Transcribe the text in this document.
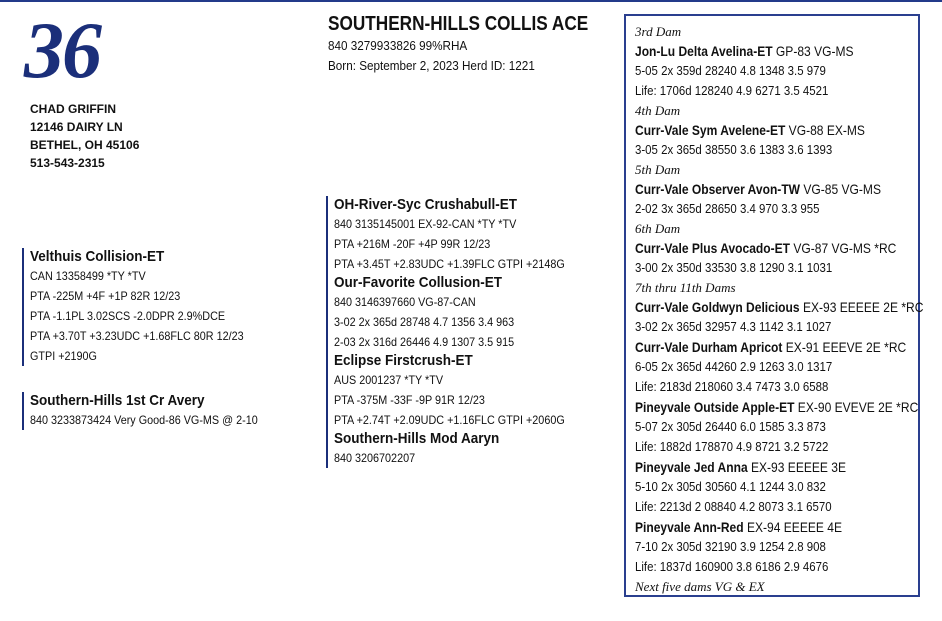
36
CHAD GRIFFIN
12146 DAIRY LN
BETHEL, OH 45106
513-543-2315
SOUTHERN-HILLS COLLIS ACE
840 3279933826 99%RHA
Born: September 2, 2023 Herd ID: 1221
Velthuis Collision-ET
CAN 13358499 *TY *TV
PTA -225M +4F +1P 82R 12/23
PTA -1.1PL 3.02SCS -2.0DPR 2.9%DCE
PTA +3.70T +3.23UDC +1.68FLC 80R 12/23
GTPI +2190G
Southern-Hills 1st Cr Avery
840 3233873424 Very Good-86 VG-MS @ 2-10
OH-River-Syc Crushabull-ET
840 3135145001 EX-92-CAN *TY *TV
PTA +216M -20F +4P 99R 12/23
PTA +3.45T +2.83UDC +1.39FLC GTPI +2148G
Our-Favorite Collusion-ET
840 3146397660 VG-87-CAN
3-02 2x 365d 28748 4.7 1356 3.4 963
2-03 2x 316d 26446 4.9 1307 3.5 915
Eclipse Firstcrush-ET
AUS 2001237 *TY *TV
PTA -375M -33F -9P 91R 12/23
PTA +2.74T +2.09UDC +1.16FLC GTPI +2060G
Southern-Hills Mod Aaryn
840 3206702207
3rd Dam
Jon-Lu Delta Avelina-ET GP-83 VG-MS
5-05 2x 359d 28240 4.8 1348 3.5 979
Life: 1706d 128240 4.9 6271 3.5 4521
4th Dam
Curr-Vale Sym Avelene-ET VG-88 EX-MS
3-05 2x 365d 38550 3.6 1383 3.6 1393
5th Dam
Curr-Vale Observer Avon-TW VG-85 VG-MS
2-02 3x 365d 28650 3.4 970 3.3 955
6th Dam
Curr-Vale Plus Avocado-ET VG-87 VG-MS *RC
3-00 2x 350d 33530 3.8 1290 3.1 1031
7th thru 11th Dams
Curr-Vale Goldwyn Delicious EX-93 EEEEE 2E *RC
3-02 2x 365d 32957 4.3 1142 3.1 1027
Curr-Vale Durham Apricot EX-91 EEEVE 2E *RC
6-05 2x 365d 44260 2.9 1263 3.0 1317
Life: 2183d 218060 3.4 7473 3.0 6588
Pineyvale Outside Apple-ET EX-90 EVEVE 2E *RC
5-07 2x 305d 26440 6.0 1585 3.3 873
Life: 1882d 178870 4.9 8721 3.2 5722
Pineyvale Jed Anna EX-93 EEEEE 3E
5-10 2x 305d 30560 4.1 1244 3.0 832
Life: 2213d 2 08840 4.2 8073 3.1 6570
Pineyvale Ann-Red EX-94 EEEEE 4E
7-10 2x 305d 32190 3.9 1254 2.8 908
Life: 1837d 160900 3.8 6186 2.9 4676
Next five dams VG & EX
